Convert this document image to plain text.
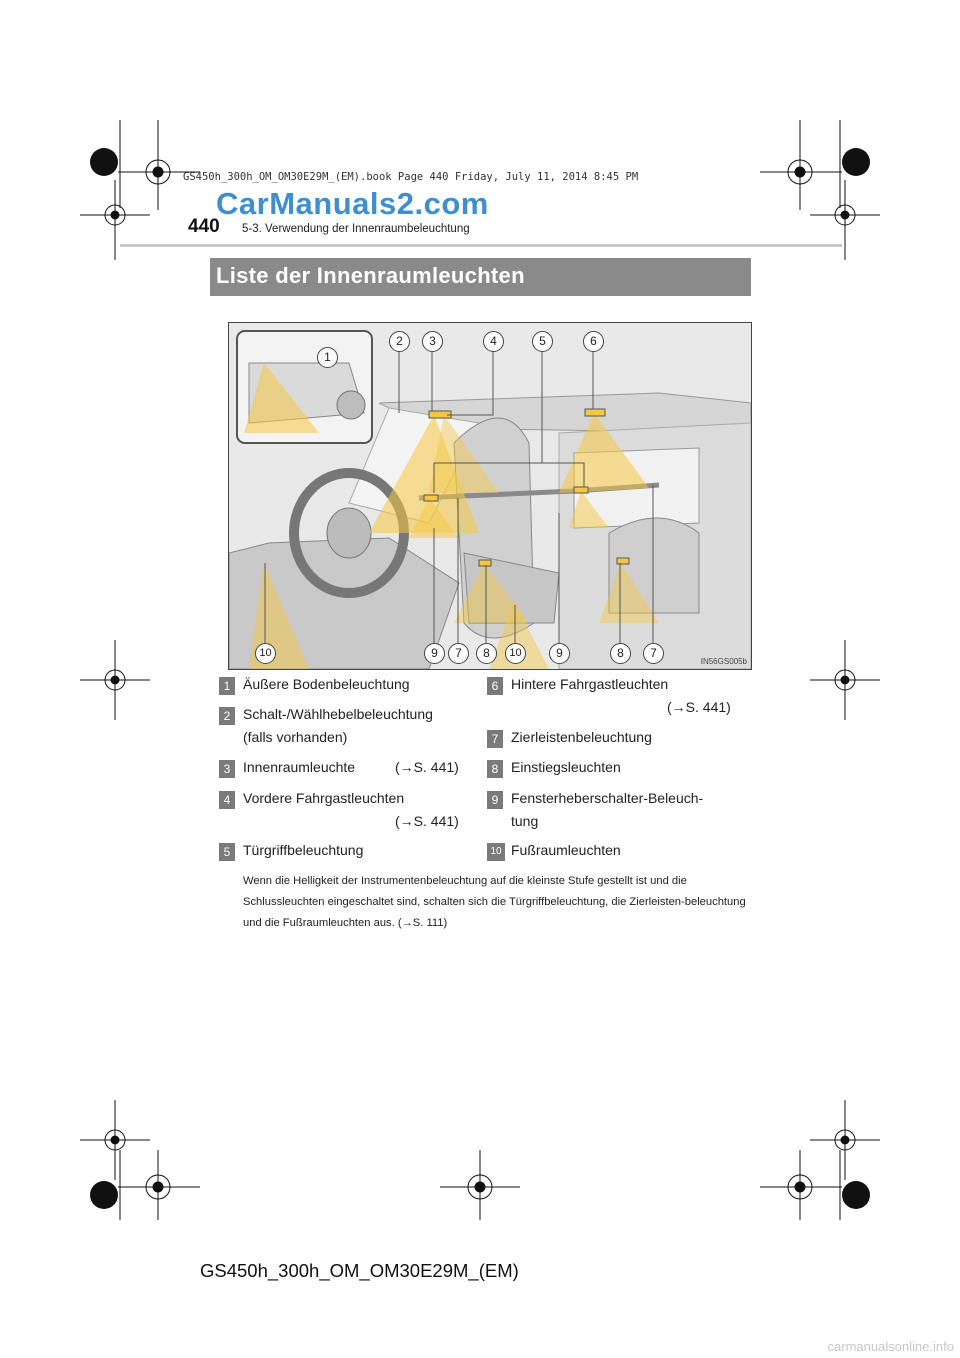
GS450h_300h_OM_OM30E29M_(EM).book Page 440 Friday, July 11, 2014 8:45 PM
CarManuals2.com
440 5-3. Verwendung der Innenraumbeleuchtung
Liste der Innenraumleuchten
1
2	3	4	5	6
10	9	7	8	10	9	8	7
IN56GS005b
1 Äußere Bodenbeleuchtung
2 Schalt-/Wählhebelbeleuchtung
(falls vorhanden)
3 Innenraumleuchte	(→S. 441)
4 Vordere Fahrgastleuchten
(→S. 441)
5 Türgriffbeleuchtung
6 Hintere Fahrgastleuchten
(→S. 441)
7 Zierleistenbeleuchtung
8 Einstiegsleuchten
9 Fensterheberschalter-Beleuch-
tung
10 Fußraumleuchten
Wenn die Helligkeit der Instrumentenbeleuchtung auf die kleinste Stufe gestellt ist und die Schlussleuchten eingeschaltet sind, schalten sich die Türgriffbeleuchtung, die Zierleisten-beleuchtung und die Fußraumleuchten aus. (→S. 111)
GS450h_300h_OM_OM30E29M_(EM)
carmanualsonline.info
